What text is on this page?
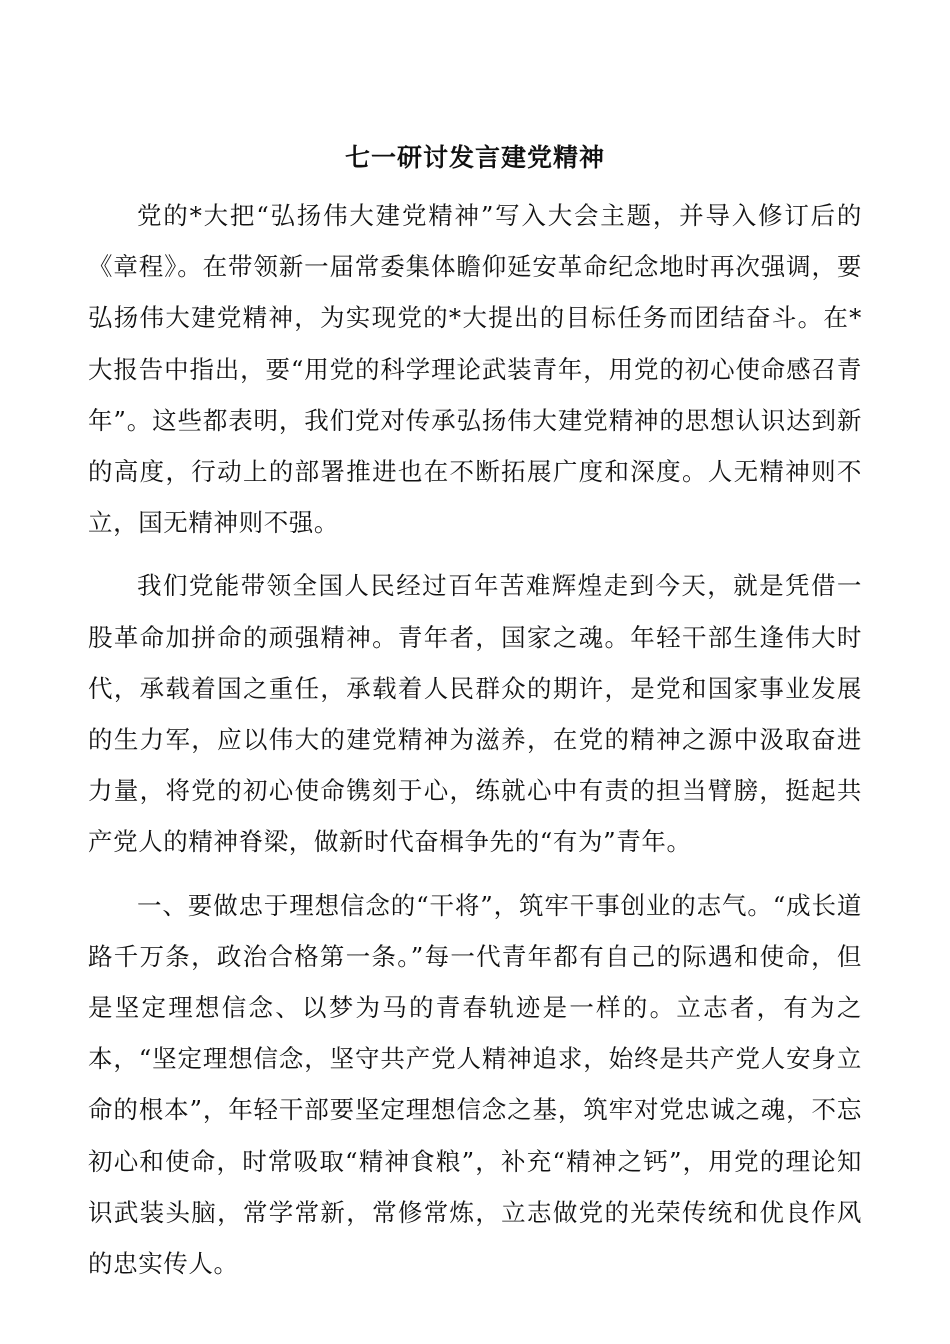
七一研讨发言建党精神

党的*大把“弘扬伟大建党精神”写入大会主题，并导入修订后的《章程》。在带领新一届常委集体瞻仰延安革命纪念地时再次强调，要弘扬伟大建党精神，为实现党的*大提出的目标任务而团结奋斗。在*大报告中指出，要“用党的科学理论武装青年，用党的初心使命感召青年”。这些都表明，我们党对传承弘扬伟大建党精神的思想认识达到新的高度，行动上的部署推进也在不断拓展广度和深度。人无精神则不立，国无精神则不强。

我们党能带领全国人民经过百年苦难辉煌走到今天，就是凭借一股革命加拼命的顽强精神。青年者，国家之魂。年轻干部生逢伟大时代，承载着国之重任，承载着人民群众的期许，是党和国家事业发展的生力军，应以伟大的建党精神为滋养，在党的精神之源中汲取奋进力量，将党的初心使命镌刻于心，练就心中有责的担当臂膀，挺起共产党人的精神脊梁，做新时代奋楫争先的“有为”青年。

一、要做忠于理想信念的“干将”，筑牢干事创业的志气。“成长道路千万条，政治合格第一条。”每一代青年都有自己的际遇和使命，但是坚定理想信念、以梦为马的青春轨迹是一样的。立志者，有为之本，“坚定理想信念，坚守共产党人精神追求，始终是共产党人安身立命的根本”，年轻干部要坚定理想信念之基，筑牢对党忠诚之魂，不忘初心和使命，时常吸取“精神食粮”，补充“精神之钙”，用党的理论知识武装头脑，常学常新，常修常炼，立志做党的光荣传统和优良作风的忠实传人。
